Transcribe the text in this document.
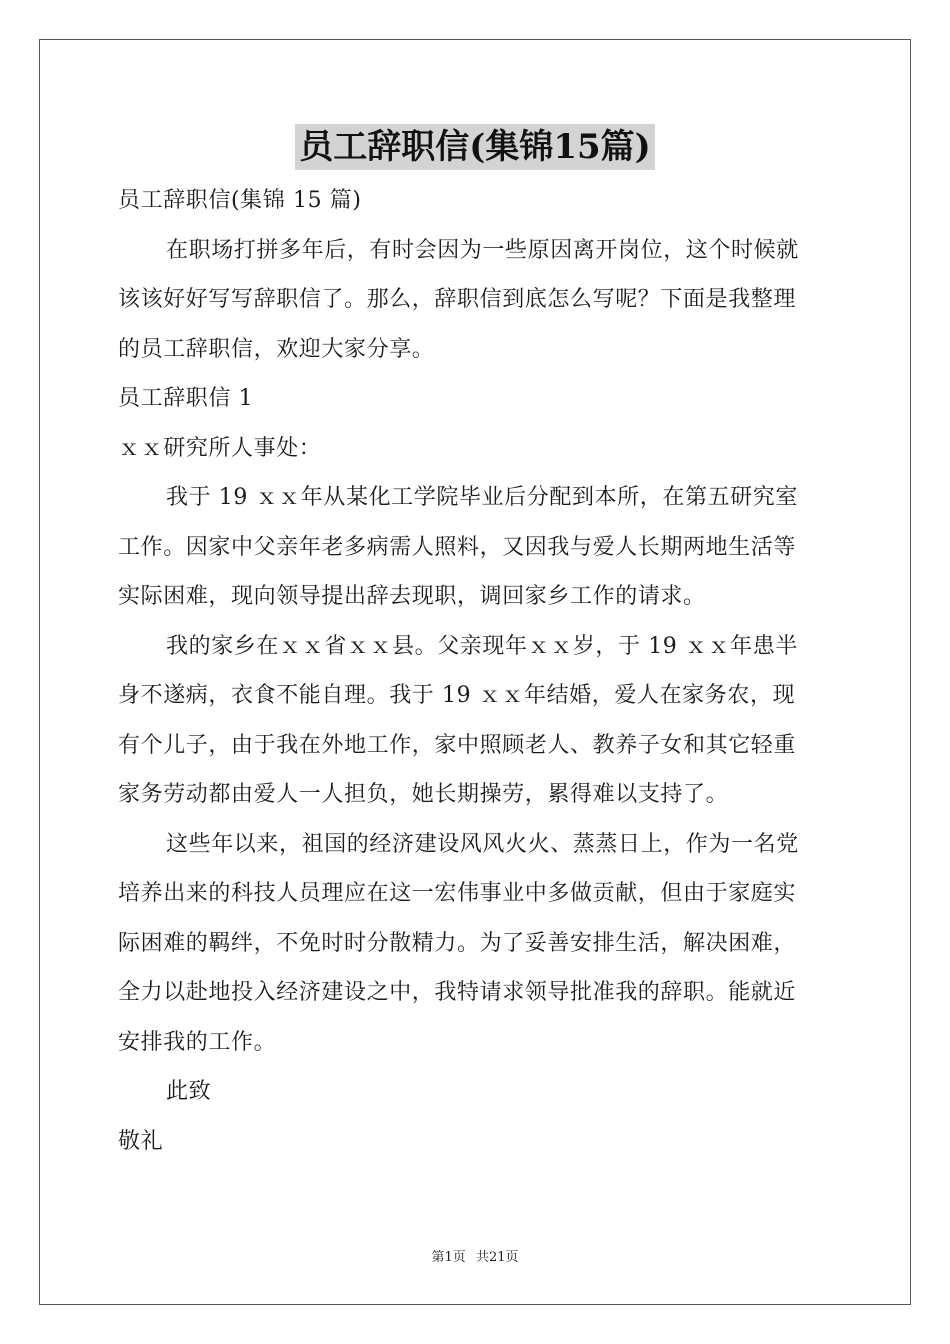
员工辞职信(集锦15篇)
员工辞职信(集锦 15 篇)
在职场打拼多年后，有时会因为一些原因离开岗位，这个时候就
该该好好写写辞职信了。那么，辞职信到底怎么写呢？下面是我整理
的员工辞职信，欢迎大家分享。
员工辞职信 1
ｘｘ研究所人事处：
我于 19 ｘｘ年从某化工学院毕业后分配到本所，在第五研究室
工作。因家中父亲年老多病需人照料，又因我与爱人长期两地生活等
实际困难，现向领导提出辞去现职，调回家乡工作的请求。
我的家乡在ｘｘ省ｘｘ县。父亲现年ｘｘ岁，于 19 ｘｘ年患半
身不遂病，衣食不能自理。我于 19 ｘｘ年结婚，爱人在家务农，现
有个儿子，由于我在外地工作，家中照顾老人、教养子女和其它轻重
家务劳动都由爱人一人担负，她长期操劳，累得难以支持了。
这些年以来，祖国的经济建设风风火火、蒸蒸日上，作为一名党
培养出来的科技人员理应在这一宏伟事业中多做贡献，但由于家庭实
际困难的羁绊，不免时时分散精力。为了妥善安排生活，解决困难，
全力以赴地投入经济建设之中，我特请求领导批准我的辞职。能就近
安排我的工作。
此致
敬礼
第1页 共21页
